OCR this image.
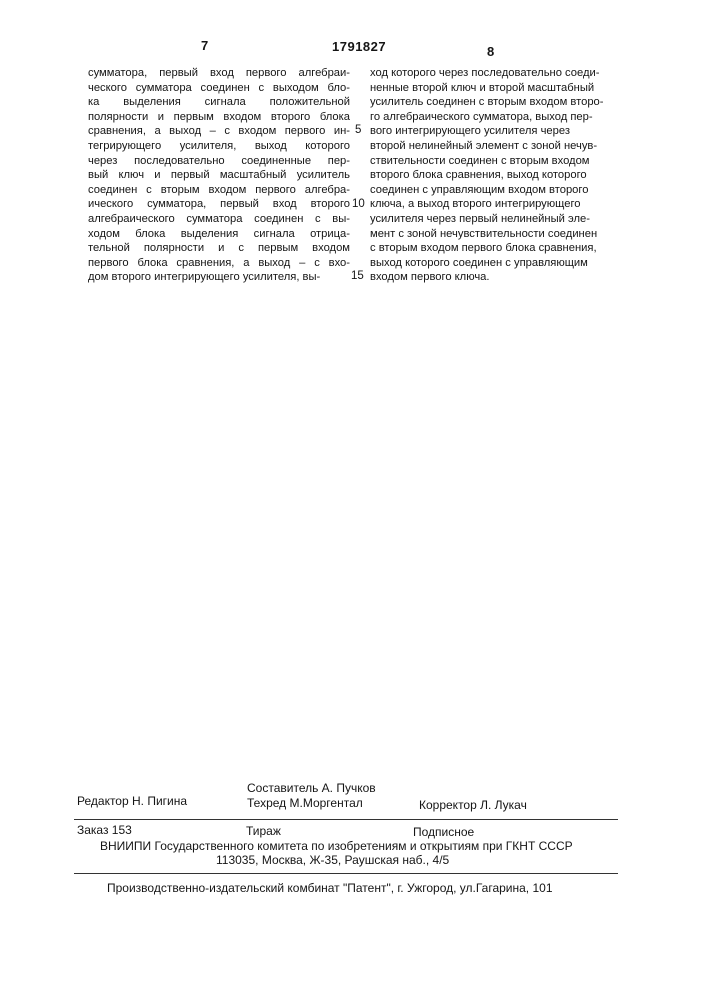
7	1791827	8
сумматора, первый вход первого алгебраи-
ческого сумматора соединен с выходом бло-
ка выделения сигнала положительной
полярности и первым входом второго блока
сравнения, а выход – с входом первого ин-
тегрирующего усилителя, выход которого
через последовательно соединенные пер-
вый ключ и первый масштабный усилитель
соединен с вторым входом первого алгебра-
ического сумматора, первый вход второго
алгебраического сумматора соединен с вы-
ходом блока выделения сигнала отрица-
тельной полярности и с первым входом
первого блока сравнения, а выход – с вхо-
дом второго интегрирующего усилителя, вы-
5
10
15
ход которого через последовательно соеди-
ненные второй ключ и второй масштабный
усилитель соединен с вторым входом второ-
го алгебраического сумматора, выход пер-
вого интегрирующего усилителя через
второй нелинейный элемент с зоной нечув-
ствительности соединен с вторым входом
второго блока сравнения, выход которого
соединен с управляющим входом второго
ключа, а выход второго интегрирующего
усилителя через первый нелинейный эле-
мент с зоной нечувствительности соединен
с вторым входом первого блока сравнения,
выход которого соединен с управляющим
входом первого ключа.
Составитель А. Пучков
Редактор Н. Пигина	Техред М.Моргентал	Корректор Л. Лукач
Заказ 153	Тираж	Подписное
ВНИИПИ Государственного комитета по изобретениям и открытиям при ГКНТ СССР
113035, Москва, Ж-35, Раушская наб., 4/5
Производственно-издательский комбинат "Патент", г. Ужгород, ул.Гагарина, 101
